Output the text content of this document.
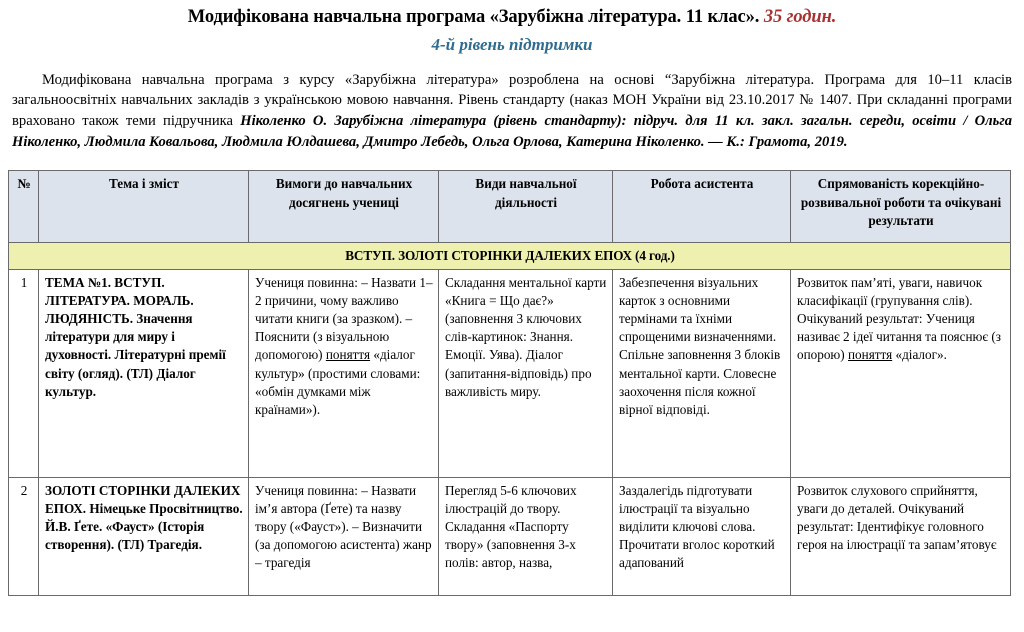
Модифікована навчальна програма «Зарубіжна література. 11 клас». 35 годин.
4-й рівень підтримки

Модифікована навчальна програма з курсу «Зарубіжна література» розроблена на основі “Зарубіжна література. Програма для 10–11 класів загальноосвітніх навчальних закладів з українською мовою навчання. Рівень стандарту (наказ МОН України від 23.10.2017 № 1407. При складанні програми враховано також теми підручника Ніколенко О. Зарубіжна література (рівень стандарту): підруч. для 11 кл. закл. загальн. середи, освіти / Ольга Ніколенко, Людмила Ковальова, Людмила Юлдашева, Дмитро Лебедь, Ольга Орлова, Катерина Ніколенко. — К.: Грамота, 2019.

№	Тема і зміст	Вимоги до навчальних досягнень учениці	Види навчальної діяльності	Робота асистента	Спрямованість корекційно-розвивальної роботи та очікувані результати
ВСТУП. ЗОЛОТІ СТОРІНКИ ДАЛЕКИХ ЕПОХ (4 год.)					
1	ТЕМА №1. ВСТУП. ЛІТЕРАТУРА. МОРАЛЬ. ЛЮДЯНІСТЬ. Значення літератури для миру і духовності. Літературні премії світу (огляд). (ТЛ) Діалог культур.	Учениця повинна: – Назвати 1–2 причини, чому важливо читати книги (за зразком). – Пояснити (з візуальною допомогою) поняття «діалог культур» (простими словами: «обмін думками між країнами»).	Складання ментальної карти «Книга = Що дає?» (заповнення 3 ключових слів-картинок: Знання. Емоції. Уява). Діалог (запитання-відповідь) про важливість миру.	Забезпечення візуальних карток з основними термінами та їхніми спрощеними визначеннями. Спільне заповнення 3 блоків ментальної карти. Словесне заохочення після кожної вірної відповіді.	Розвиток пам’яті, уваги, навичок класифікації (групування слів). Очікуваний результат: Учениця називає 2 ідеї читання та пояснює (з опорою) поняття «діалог».
2	ЗОЛОТІ СТОРІНКИ ДАЛЕКИХ ЕПОХ. Німецьке Просвітництво. Й.В. Ґете. «Фауст» (Історія створення). (ТЛ) Трагедія.	Учениця повинна: – Назвати ім’я автора (Ґете) та назву твору («Фауст»). – Визначити (за допомогою асистента) жанр – трагедія	Перегляд 5-6 ключових ілюстрацій до твору. Складання «Паспорту твору» (заповнення 3-х полів: автор, назва,	Заздалегідь підготувати ілюстрації та візуально виділити ключові слова. Прочитати вголос короткий адапований	Розвиток слухового сприйняття, уваги до деталей. Очікуваний результат: Ідентифікує головного героя на ілюстрації та запам’ятовує
